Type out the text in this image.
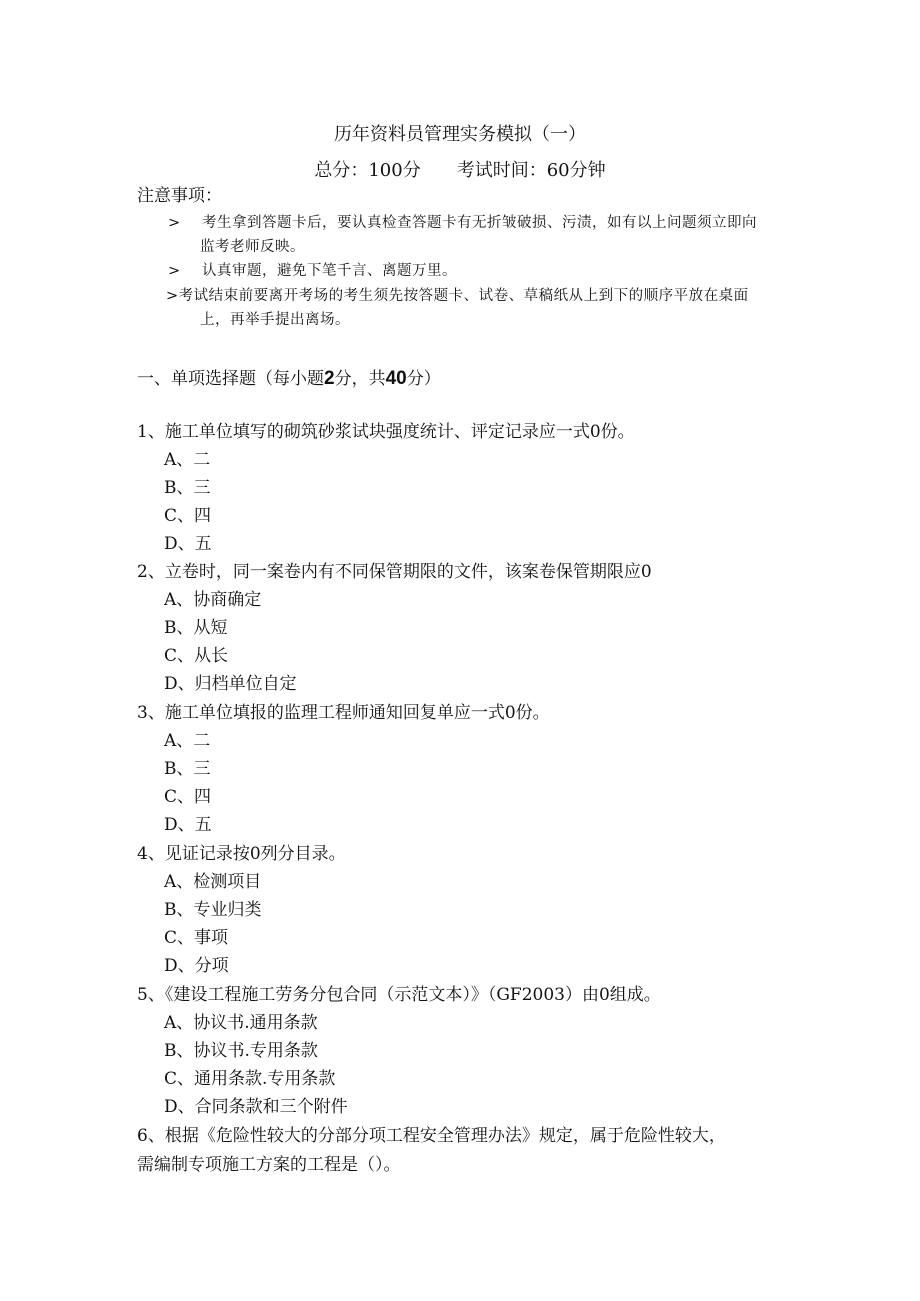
历年资料员管理实务模拟（一）
总分：100分 考试时间：60分钟
注意事项：
> 考生拿到答题卡后，要认真检查答题卡有无折皱破损、污渍，如有以上问题须立即向
监考老师反映。
> 认真审题，避免下笔千言、离题万里。
>考试结束前要离开考场的考生须先按答题卡、试卷、草稿纸从上到下的顺序平放在桌面
上，再举手提出离场。
一、单项选择题（每小题2分，共40分）
1、施工单位填写的砌筑砂浆试块强度统计、评定记录应一式0份。
A、二
B、三
C、四
D、五
2、立卷时，同一案卷内有不同保管期限的文件，该案卷保管期限应0
A、协商确定
B、从短
C、从长
D、归档单位自定
3、施工单位填报的监理工程师通知回复单应一式0份。
A、二
B、三
C、四
D、五
4、见证记录按0列分目录。
A、检测项目
B、专业归类
C、事项
D、分项
5、《建设工程施工劳务分包合同（示范文本）》（GF2003）由0组成。
A、协议书.通用条款
B、协议书.专用条款
C、通用条款.专用条款
D、合同条款和三个附件
6、根据《危险性较大的分部分项工程安全管理办法》规定，属于危险性较大，
需编制专项施工方案的工程是（）。
